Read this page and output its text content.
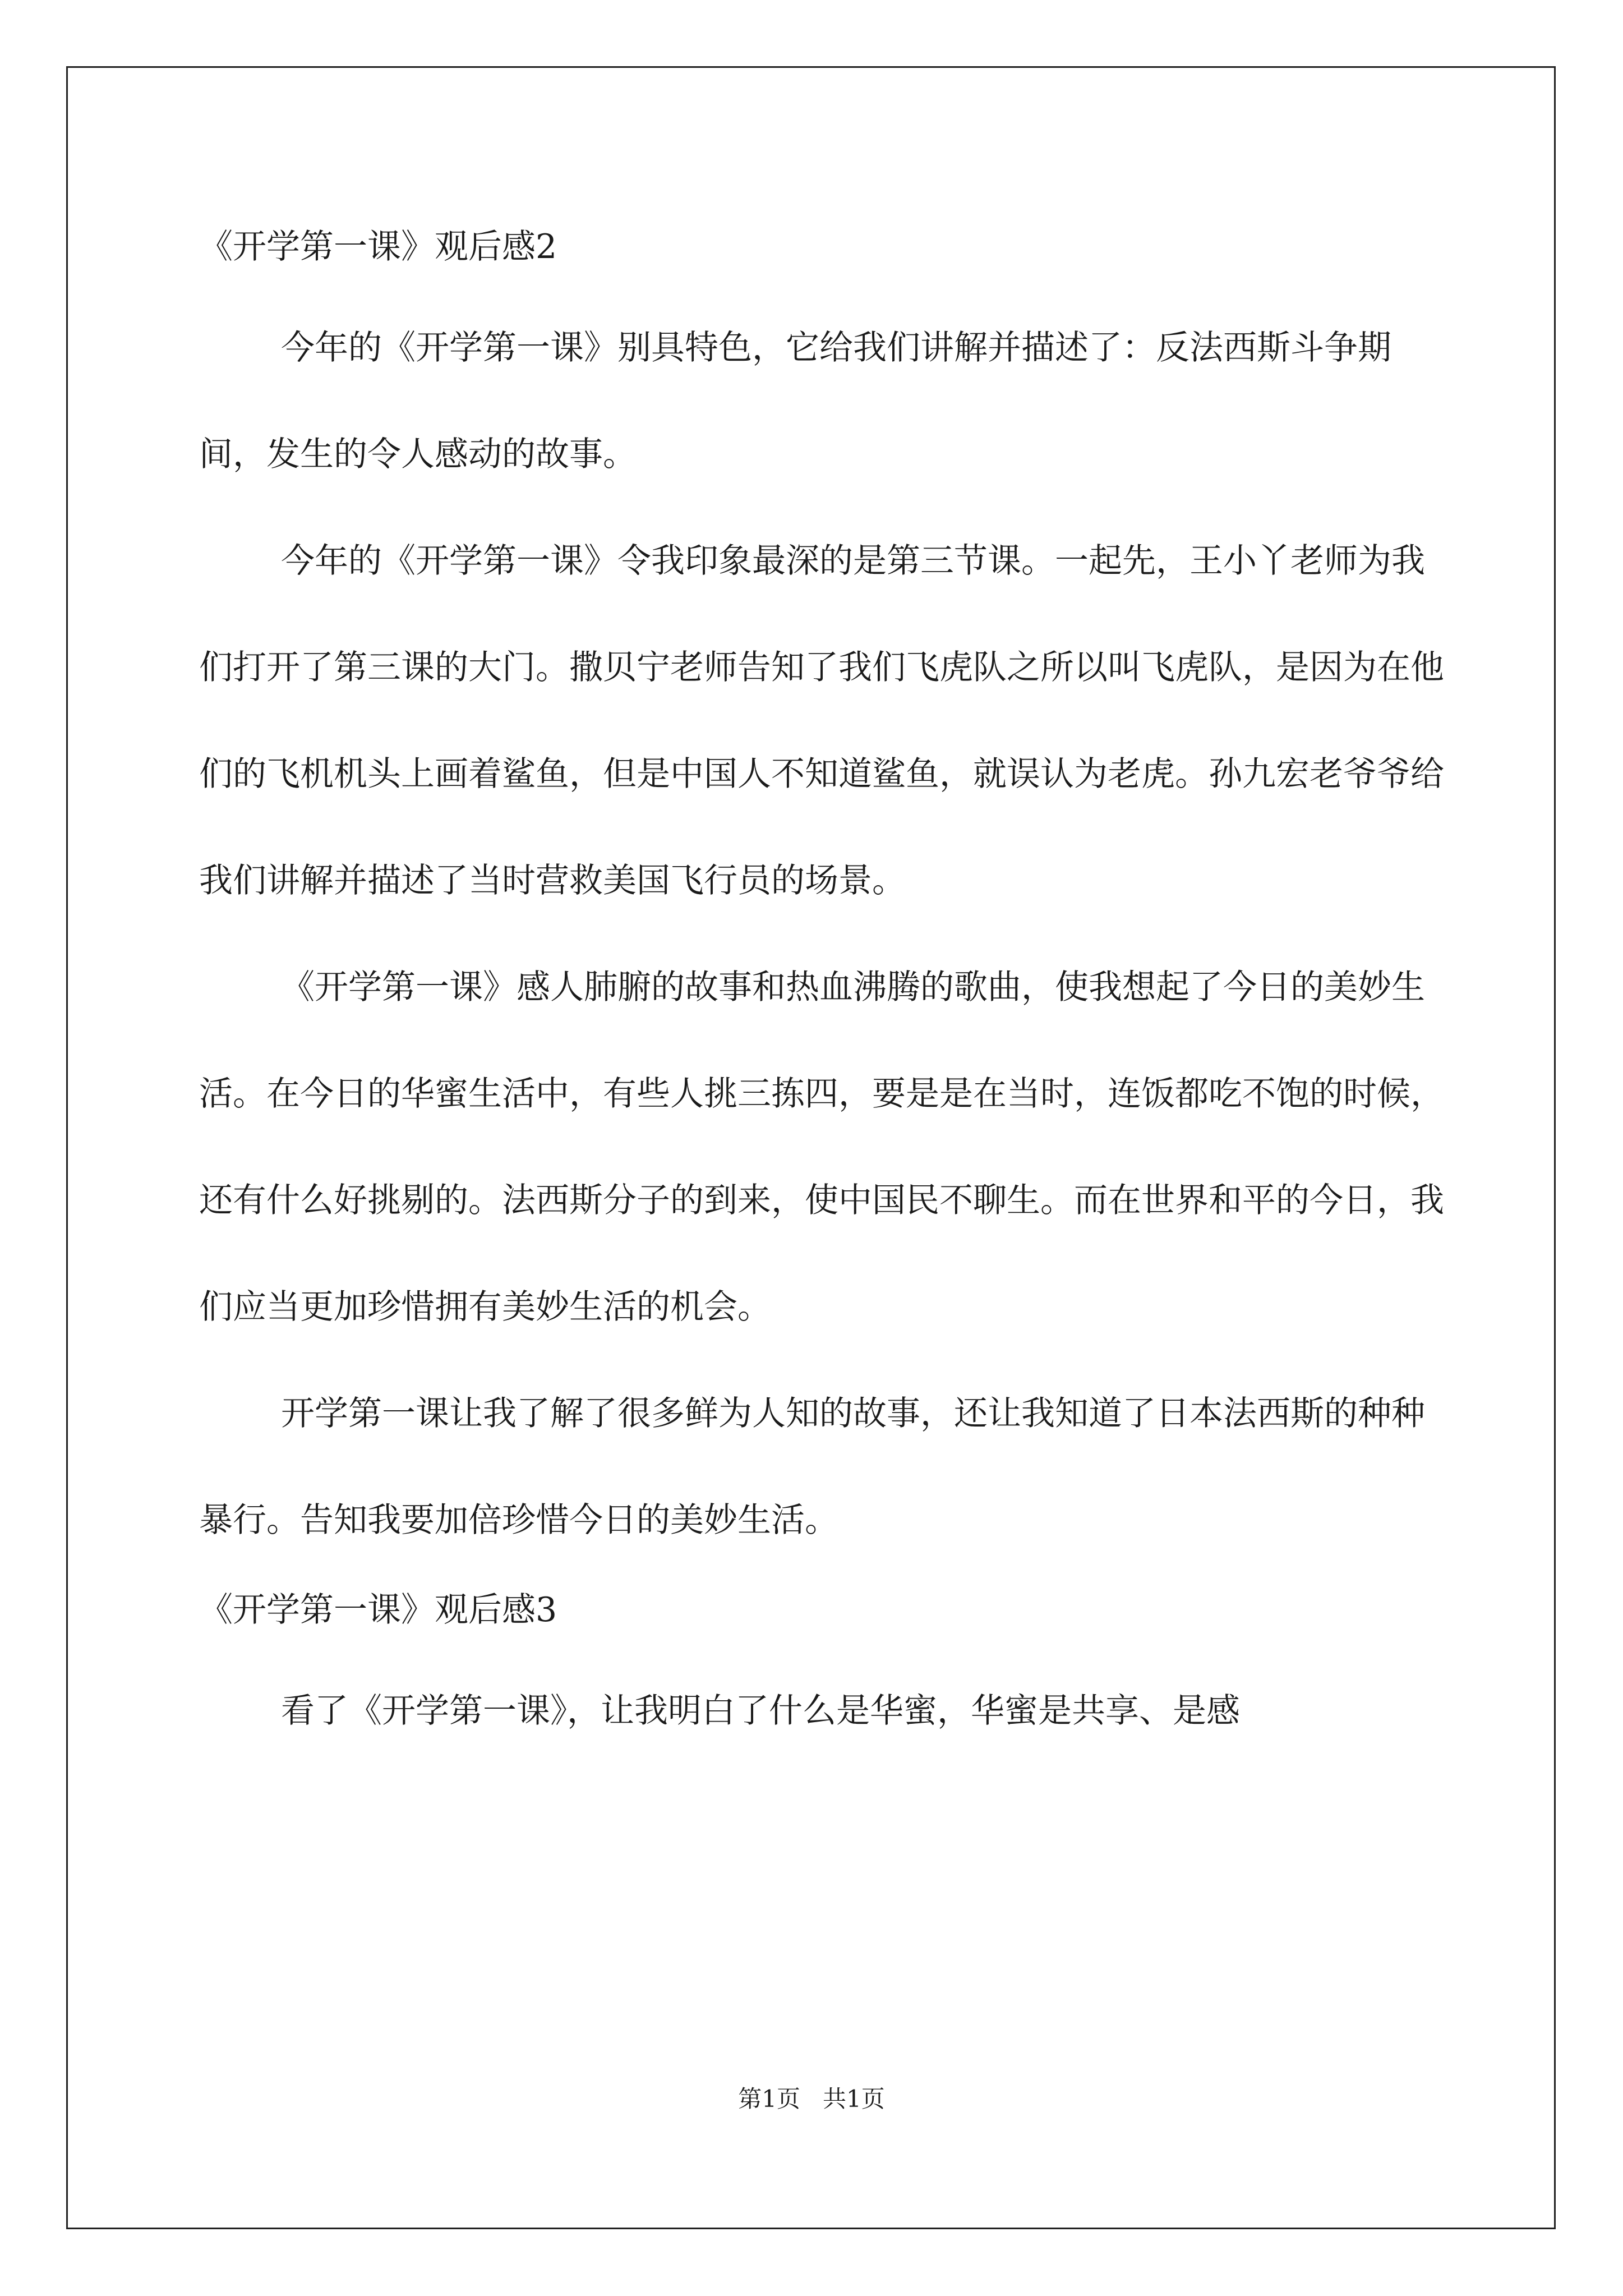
《开学第一课》观后感2

今年的《开学第一课》别具特色，它给我们讲解并描述了：反法西斯斗争期间，发生的令人感动的故事。

今年的《开学第一课》令我印象最深的是第三节课。一起先，王小丫老师为我们打开了第三课的大门。撒贝宁老师告知了我们飞虎队之所以叫飞虎队，是因为在他们的飞机机头上画着鲨鱼，但是中国人不知道鲨鱼，就误认为老虎。孙九宏老爷爷给我们讲解并描述了当时营救美国飞行员的场景。

《开学第一课》感人肺腑的故事和热血沸腾的歌曲，使我想起了今日的美妙生活。在今日的华蜜生活中，有些人挑三拣四，要是是在当时，连饭都吃不饱的时候，还有什么好挑剔的。法西斯分子的到来，使中国民不聊生。而在世界和平的今日，我们应当更加珍惜拥有美妙生活的机会。

开学第一课让我了解了很多鲜为人知的故事，还让我知道了日本法西斯的种种暴行。告知我要加倍珍惜今日的美妙生活。

《开学第一课》观后感3

看了《开学第一课》，让我明白了什么是华蜜，华蜜是共享、是感

第1页 共1页
